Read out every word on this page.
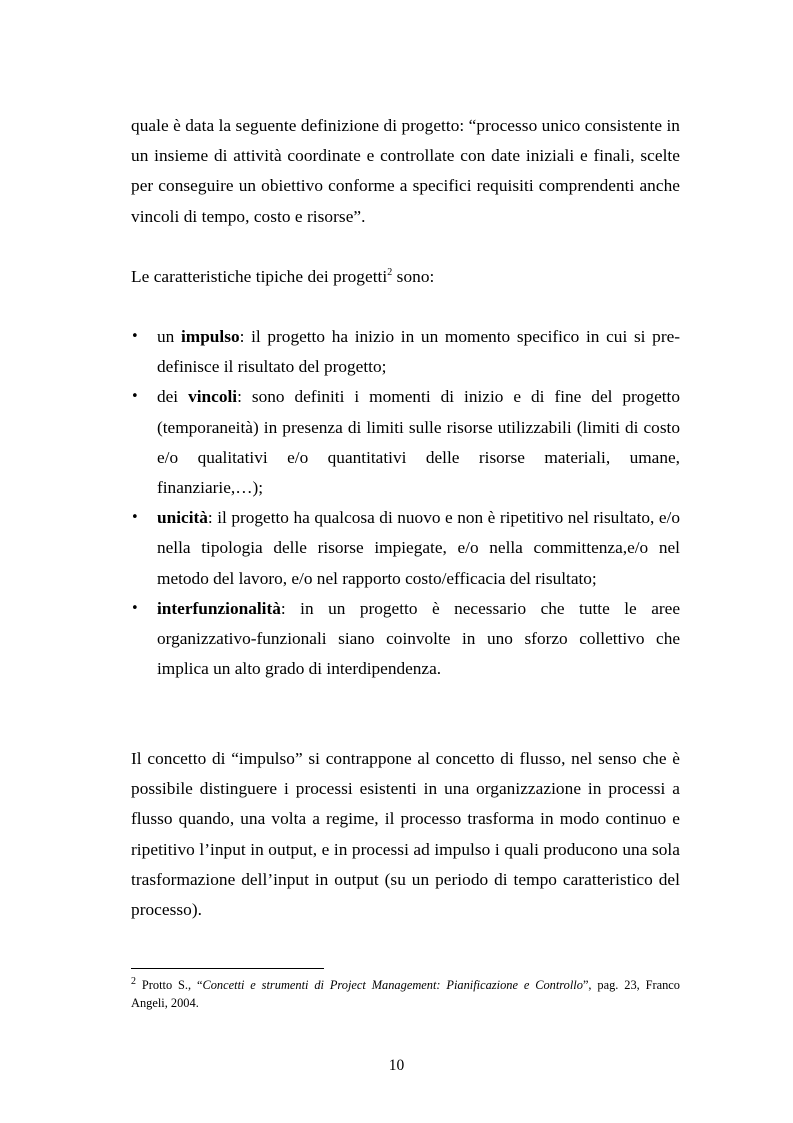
quale è data la seguente definizione di progetto: “processo unico consistente in un insieme di attività coordinate e controllate con date iniziali e finali, scelte per conseguire un obiettivo conforme a specifici requisiti comprendenti anche vincoli di tempo, costo e risorse”.

Le caratteristiche tipiche dei progetti$^2$ sono:

•	un impulso: il progetto ha inizio in un momento specifico in cui si pre-definisce il risultato del progetto;
•	dei vincoli: sono definiti i momenti di inizio e di fine del progetto (temporaneità) in presenza di limiti sulle risorse utilizzabili (limiti di costo e/o qualitativi e/o quantitativi delle risorse materiali, umane, finanziarie,…);
•	unicità: il progetto ha qualcosa di nuovo e non è ripetitivo nel risultato, e/o nella tipologia delle risorse impiegate, e/o nella committenza,e/o nel metodo del lavoro, e/o nel rapporto costo/efficacia del risultato;
•	interfunzionalità: in un progetto è necessario che tutte le aree organizzativo-funzionali siano coinvolte in uno sforzo collettivo che implica un alto grado di interdipendenza.

Il concetto di “impulso” si contrappone al concetto di flusso, nel senso che è possibile distinguere i processi esistenti in una organizzazione in processi a flusso quando, una volta a regime, il processo trasforma in modo continuo e ripetitivo l’input in output, e in processi ad impulso i quali producono una sola trasformazione dell’input in output (su un periodo di tempo caratteristico del processo).

$^2$ Protto S., “Concetti e strumenti di Project Management: Pianificazione e Controllo”, pag. 23, Franco Angeli, 2004.

10
